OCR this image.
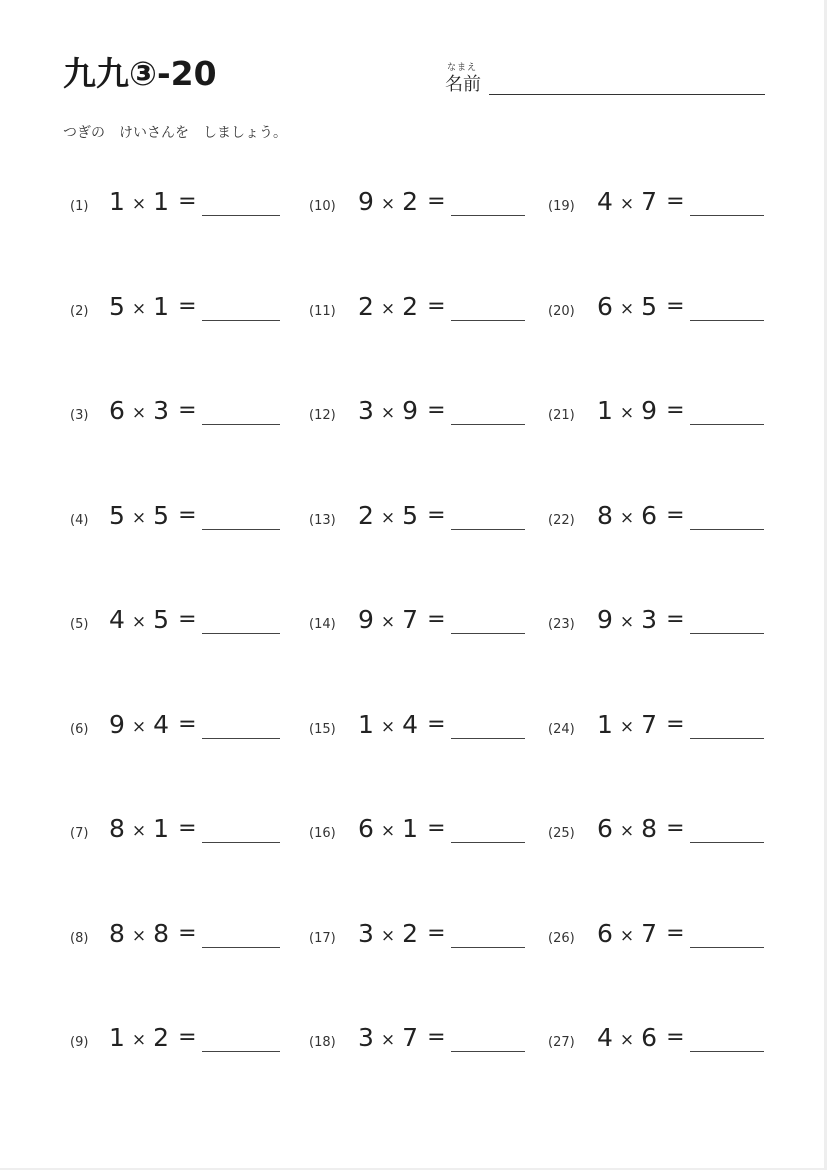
九九③-20	なまえ
名前
つぎの　けいさんを　しましょう。
(1) 1 × 1 =
(2) 5 × 1 =
(3) 6 × 3 =
(4) 5 × 5 =
(5) 4 × 5 =
(6) 9 × 4 =
(7) 8 × 1 =
(8) 8 × 8 =
(9) 1 × 2 =
(10) 9 × 2 =
(11) 2 × 2 =
(12) 3 × 9 =
(13) 2 × 5 =
(14) 9 × 7 =
(15) 1 × 4 =
(16) 6 × 1 =
(17) 3 × 2 =
(18) 3 × 7 =
(19) 4 × 7 =
(20) 6 × 5 =
(21) 1 × 9 =
(22) 8 × 6 =
(23) 9 × 3 =
(24) 1 × 7 =
(25) 6 × 8 =
(26) 6 × 7 =
(27) 4 × 6 =
